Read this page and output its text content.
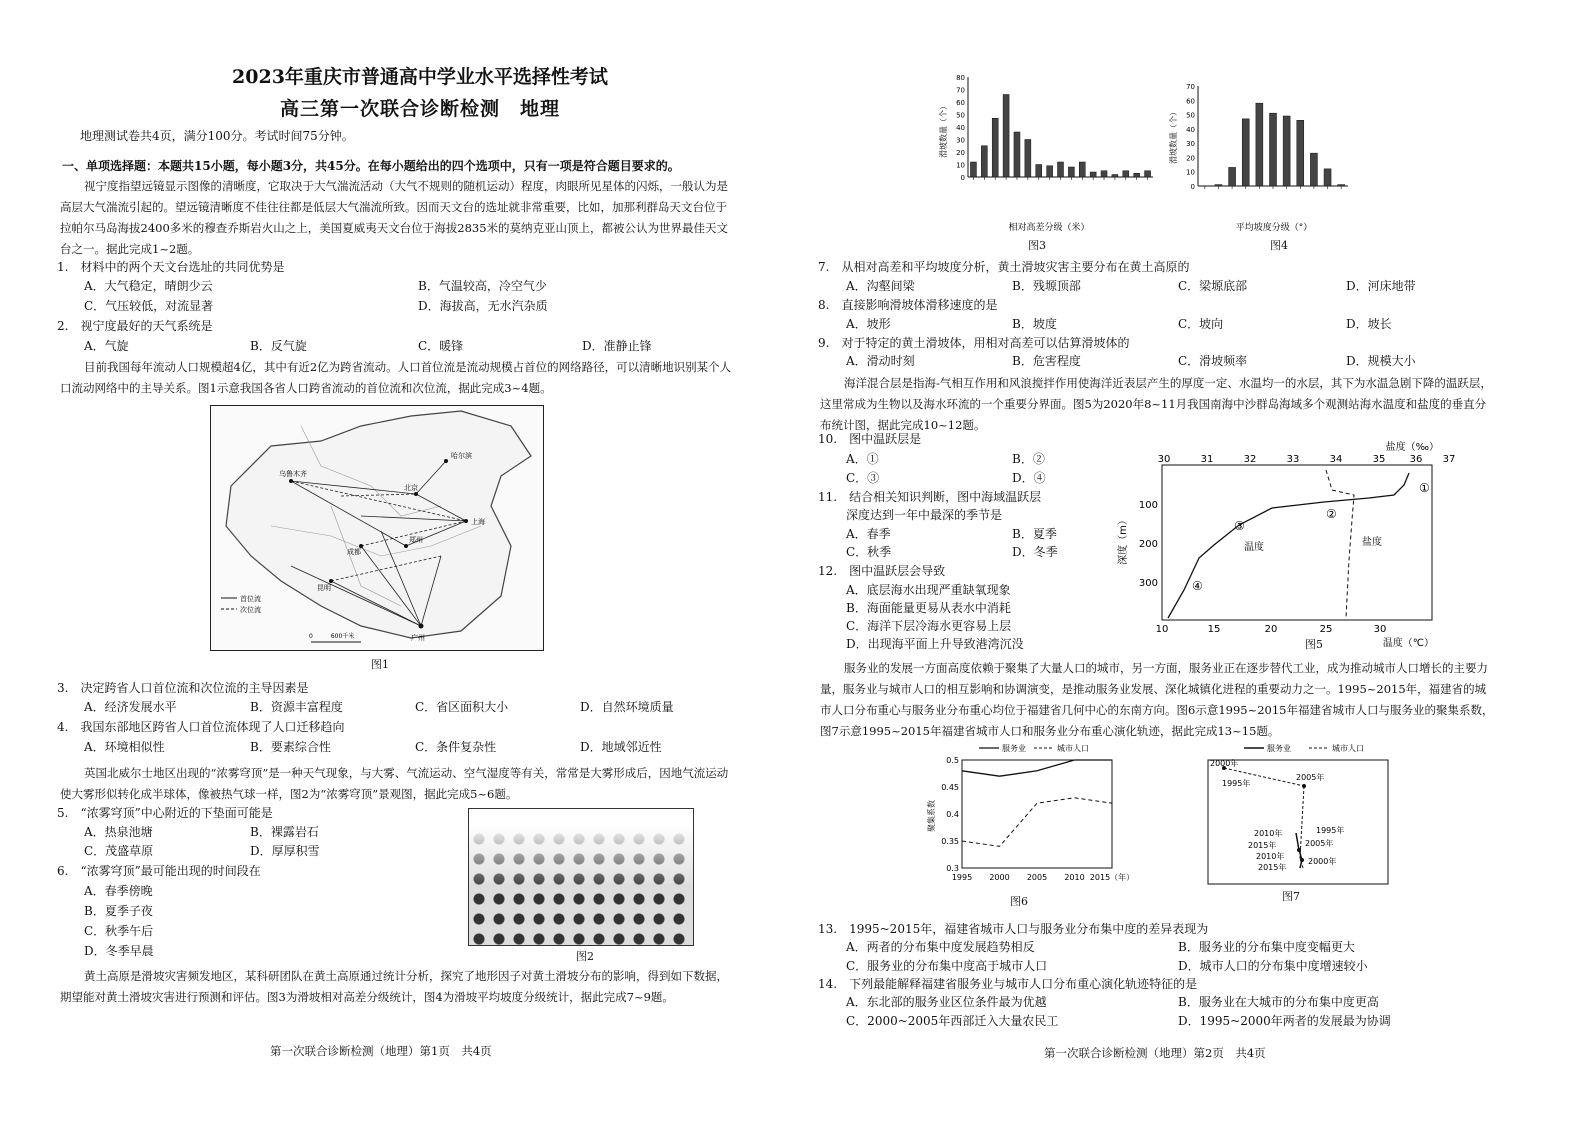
2023年重庆市普通高中学业水平选择性考试
高三第一次联合诊断检测　地理
地理测试卷共4页，满分100分。考试时间75分钟。
一、单项选择题：本题共15小题，每小题3分，共45分。在每小题给出的四个选项中，只有一项是符合题目要求的。
视宁度指望远镜显示图像的清晰度，它取决于大气湍流活动（大气不规则的随机运动）程度，肉眼所见星体的闪烁，一般认为是高层大气湍流引起的。望远镜清晰度不佳往往都是低层大气湍流所致。因而天文台的选址就非常重要，比如，加那利群岛天文台位于拉帕尔马岛海拔2400多米的穆查乔斯岩火山之上，美国夏威夷天文台位于海拔2835米的莫纳克亚山顶上，都被公认为世界最佳天文台之一。据此完成1~2题。
1.　材料中的两个天文台选址的共同优势是
A．大气稳定，晴朗少云	B．气温较高，冷空气少
C．气压较低，对流显著	D．海拔高，无水汽杂质
2.　视宁度最好的天气系统是
A．气旋	B．反气旋	C．暖锋	D．准静止锋
目前我国每年流动人口规模超4亿，其中有近2亿为跨省流动。人口首位流是流动规模占首位的网络路径，可以清晰地识别某个人口流动网络中的主导关系。图1示意我国各省人口跨省流动的首位流和次位流，据此完成3~4题。
乌鲁木齐
哈尔滨
北京
上海
广州
成都
郑州
昆明
首位流
次位流
0　　　600千米
图1
3.　决定跨省人口首位流和次位流的主导因素是
A．经济发展水平	B．资源丰富程度	C．省区面积大小	D．自然环境质量
4.　我国东部地区跨省人口首位流体现了人口迁移趋向
A．环境相似性	B．要素综合性	C．条件复杂性	D．地域邻近性
英国北威尔士地区出现的“浓雾穹顶”是一种天气现象，与大雾、气流运动、空气湿度等有关，常常是大雾形成后，因地气流运动使大雾形似转化成半球体，像被热气球一样，图2为“浓雾穹顶”景观图，据此完成5~6题。
5.　“浓雾穹顶”中心附近的下垫面可能是
A．热泉池塘	B．裸露岩石
C．茂盛草原	D．厚厚积雪
6.　“浓雾穹顶”最可能出现的时间段在
A．春季傍晚
B．夏季子夜
C．秋季午后
D．冬季早晨	图2
黄土高原是滑坡灾害频发地区，某科研团队在黄土高原通过统计分析，探究了地形因子对黄土滑坡分布的影响，得到如下数据，期望能对黄土滑坡灾害进行预测和评估。图3为滑坡相对高差分级统计，图4为滑坡平均坡度分级统计，据此完成7~9题。
第一次联合诊断检测（地理）第1页　共4页
80
70
60
50
40
30
20
10
0
滑坡数量（个）
相对高差分级（米）
图3
70
60
50
40
30
20
10
0
滑坡数量（个）
平均坡度分级（°）
图4
7.　从相对高差和平均坡度分析，黄土滑坡灾害主要分布在黄土高原的
A．沟壑间梁	B．残塬顶部	C．梁塬底部	D．河床地带
8.　直接影响滑坡体滑移速度的是
A．坡形	B．坡度	C．坡向	D．坡长
9.　对于特定的黄土滑坡体，用相对高差可以估算滑坡体的
A．滑动时刻	B．危害程度	C．滑坡频率	D．规模大小
海洋混合层是指海-气相互作用和风浪搅拌作用使海洋近表层产生的厚度一定、水温均一的水层，其下为水温急剧下降的温跃层，这里常成为生物以及海水环流的一个重要分界面。图5为2020年8~11月我国南海中沙群岛海域多个观测站海水温度和盐度的垂直分布统计图，据此完成10~12题。
10.　图中温跃层是
A．①	B．②
C．③	D．④
11.　结合相关知识判断，图中海域温跃层
深度达到一年中最深的季节是
A．春季	B．夏季
C．秋季	D．冬季
12.　图中温跃层会导致
A．底层海水出现严重缺氧现象
B．海面能量更易从表水中消耗
C．海洋下层冷海水更容易上层
D．出现海平面上升导致港湾沉没
盐度（‰）
30	31	32	33	34	35 36 37
100
200
300
深度（m）
10	15	20	25	30
温度（℃）
温度	盐度
①
②
③
④
图5
服务业的发展一方面高度依赖于聚集了大量人口的城市，另一方面，服务业正在逐步替代工业，成为推动城市人口增长的主要力量，服务业与城市人口的相互影响和协调演变，是推动服务业发展、深化城镇化进程的重要动力之一。1995~2015年，福建省的城市人口分布重心与服务业分布重心均位于福建省几何中心的东南方向。图6示意1995~2015年福建省城市人口与服务业的聚集系数，图7示意1995~2015年福建省城市人口和服务业分布重心演化轨迹，据此完成13~15题。
服务业	城市人口
0.5
0.45
0.4
0.35
0.3
1995 2000 2005 2010 2015（年）
聚集系数
图6
服务业	城市人口
2000年
1995年
2005年
2010年	1995年
2015年	2005年
2010年
2015年
2000年
图7
13.　1995~2015年，福建省城市人口与服务业分布集中度的差异表现为
A．两者的分布集中度发展趋势相反	B．服务业的分布集中度变幅更大
C．服务业的分布集中度高于城市人口	D．城市人口的分布集中度增速较小
14.　下列最能解释福建省服务业与城市人口分布重心演化轨迹特征的是
A．东北部的服务业区位条件最为优越	B．服务业在大城市的分布集中度更高
C．2000~2005年西部迁入大量农民工	D．1995~2000年两者的发展最为协调
第一次联合诊断检测（地理）第2页　共4页
